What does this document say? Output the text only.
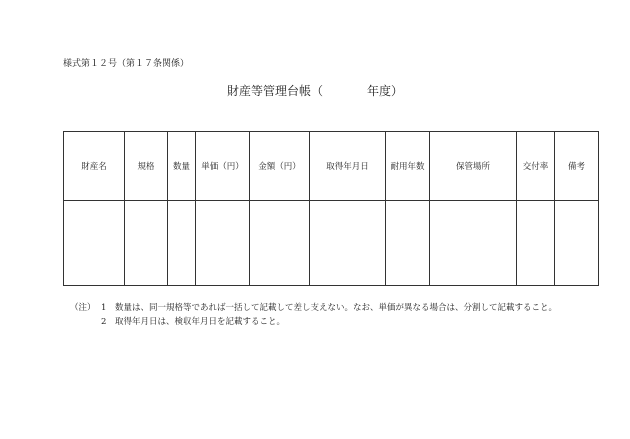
様式第１２号（第１７条関係）
財産等管理台帳（	年度）
財産名	規格	数量	単価（円）	金額（円）	取得年月日	耐用年数	保管場所	交付率	備考

（注） 1	数量は、同一規格等であれば一括して記載して差し支えない。なお、単価が異なる場合は、分割して記載すること。
2	取得年月日は、検収年月日を記載すること。
